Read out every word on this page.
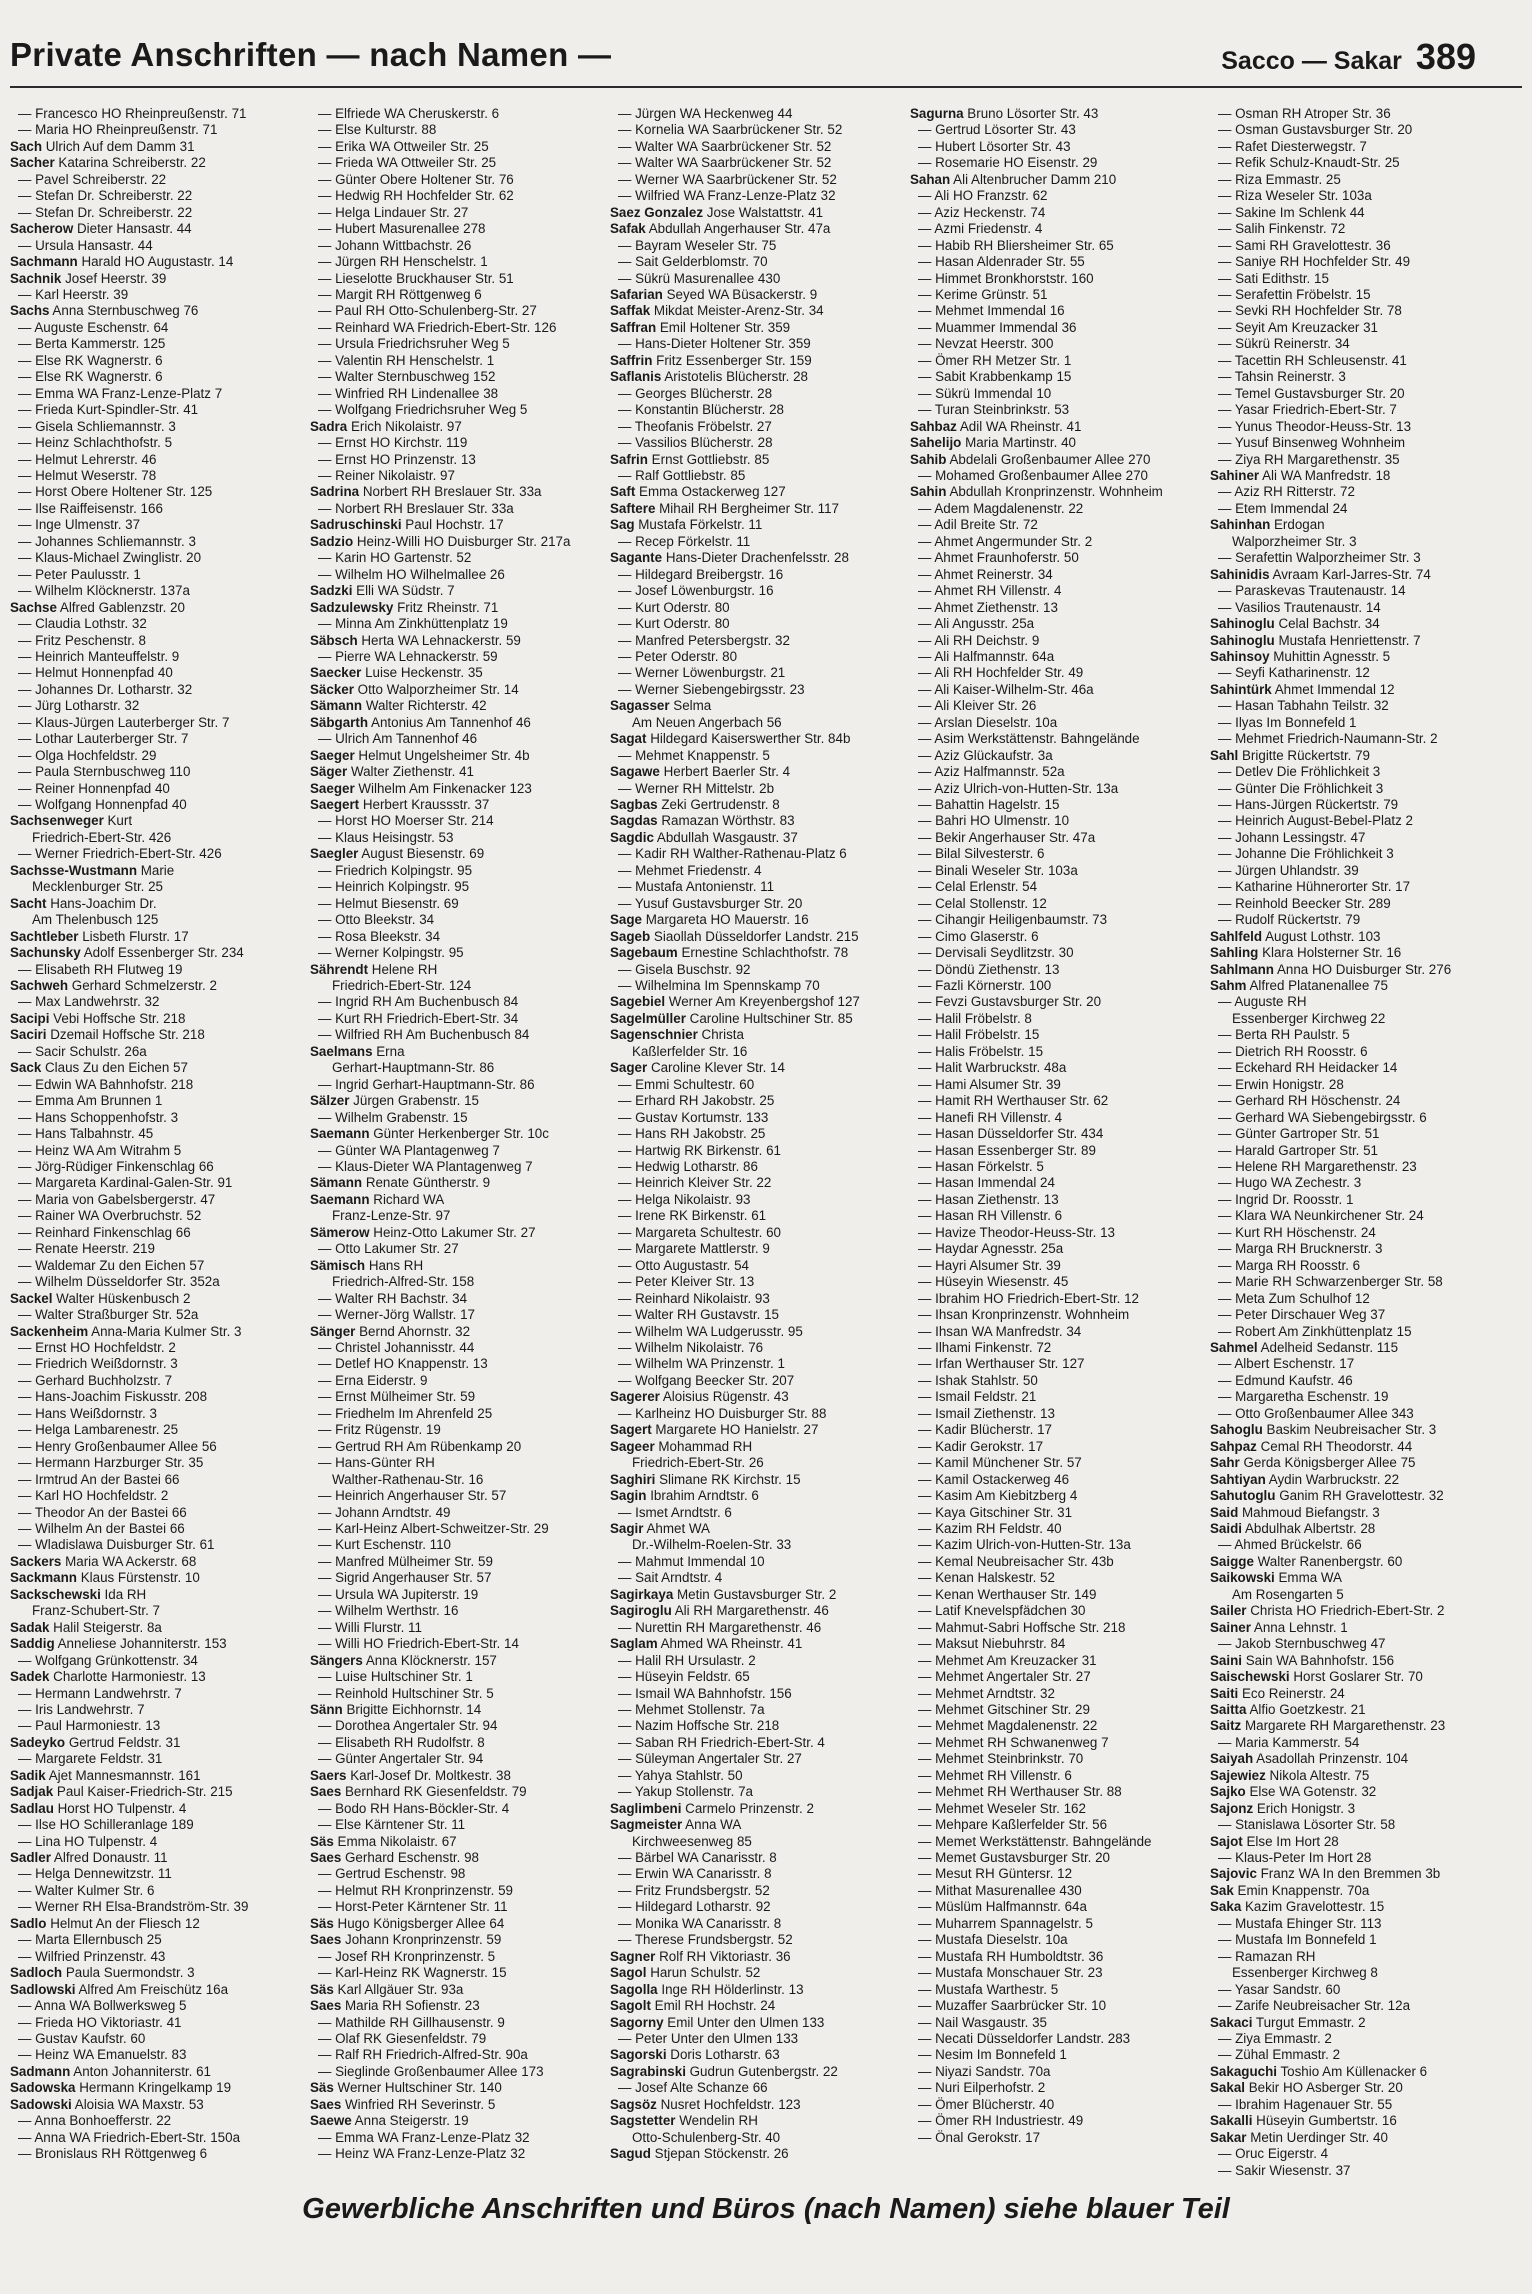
Private Anschriften — nach Namen —	Sacco — Sakar 389
— Francesco HO Rheinpreußenstr. 71
— Maria HO Rheinpreußenstr. 71
Sach Ulrich Auf dem Damm 31
Sacher Katarina Schreiberstr. 22
— Pavel Schreiberstr. 22
— Stefan Dr. Schreiberstr. 22
— Stefan Dr. Schreiberstr. 22
Sacherow Dieter Hansastr. 44
— Ursula Hansastr. 44
Sachmann Harald HO Augustastr. 14
Sachnik Josef Heerstr. 39
— Karl Heerstr. 39
Sachs Anna Sternbuschweg 76
— Auguste Eschenstr. 64
— Berta Kammerstr. 125
— Else RK Wagnerstr. 6
— Else RK Wagnerstr. 6
— Emma WA Franz-Lenze-Platz 7
— Frieda Kurt-Spindler-Str. 41
— Gisela Schliemannstr. 3
— Heinz Schlachthofstr. 5
— Helmut Lehrerstr. 46
— Helmut Weserstr. 78
— Horst Obere Holtener Str. 125
— Ilse Raiffeisenstr. 166
— Inge Ulmenstr. 37
— Johannes Schliemannstr. 3
— Klaus-Michael Zwinglistr. 20
— Peter Paulusstr. 1
— Wilhelm Klöcknerstr. 137a
Sachse Alfred Gablenzstr. 20
— Claudia Lothstr. 32
— Fritz Peschenstr. 8
— Heinrich Manteuffelstr. 9
— Helmut Honnenpfad 40
— Johannes Dr. Lotharstr. 32
— Jürg Lotharstr. 32
— Klaus-Jürgen Lauterberger Str. 7
— Lothar Lauterberger Str. 7
— Olga Hochfeldstr. 29
— Paula Sternbuschweg 110
— Reiner Honnenpfad 40
— Wolfgang Honnenpfad 40
Sachsenweger Kurt
Friedrich-Ebert-Str. 426
— Werner Friedrich-Ebert-Str. 426
Sachsse-Wustmann Marie
Mecklenburger Str. 25
Sacht Hans-Joachim Dr.
Am Thelenbusch 125
Sachtleber Lisbeth Flurstr. 17
Sachunsky Adolf Essenberger Str. 234
— Elisabeth RH Flutweg 19
Sachweh Gerhard Schmelzerstr. 2
— Max Landwehrstr. 32
Sacipi Vebi Hoffsche Str. 218
Saciri Dzemail Hoffsche Str. 218
— Sacir Schulstr. 26a
Sack Claus Zu den Eichen 57
— Edwin WA Bahnhofstr. 218
— Emma Am Brunnen 1
— Hans Schoppenhofstr. 3
— Hans Talbahnstr. 45
— Heinz WA Am Witrahm 5
— Jörg-Rüdiger Finkenschlag 66
— Margareta Kardinal-Galen-Str. 91
— Maria von Gabelsbergerstr. 47
— Rainer WA Overbruchstr. 52
— Reinhard Finkenschlag 66
— Renate Heerstr. 219
— Waldemar Zu den Eichen 57
— Wilhelm Düsseldorfer Str. 352a
Sackel Walter Hüskenbusch 2
— Walter Straßburger Str. 52a
Sackenheim Anna-Maria Kulmer Str. 3
— Ernst HO Hochfeldstr. 2
— Friedrich Weißdornstr. 3
— Gerhard Buchholzstr. 7
— Hans-Joachim Fiskusstr. 208
— Hans Weißdornstr. 3
— Helga Lambarenestr. 25
— Henry Großenbaumer Allee 56
— Hermann Harzburger Str. 35
— Irmtrud An der Bastei 66
— Karl HO Hochfeldstr. 2
— Theodor An der Bastei 66
— Wilhelm An der Bastei 66
— Wladislawa Duisburger Str. 61
Sackers Maria WA Ackerstr. 68
Sackmann Klaus Fürstenstr. 10
Sackschewski Ida RH
Franz-Schubert-Str. 7
Sadak Halil Steigerstr. 8a
Saddig Anneliese Johanniterstr. 153
— Wolfgang Grünkottenstr. 34
Sadek Charlotte Harmoniestr. 13
— Hermann Landwehrstr. 7
— Iris Landwehrstr. 7
— Paul Harmoniestr. 13
Sadeyko Gertrud Feldstr. 31
— Margarete Feldstr. 31
Sadik Ajet Mannesmannstr. 161
Sadjak Paul Kaiser-Friedrich-Str. 215
Sadlau Horst HO Tulpenstr. 4
— Ilse HO Schilleranlage 189
— Lina HO Tulpenstr. 4
Sadler Alfred Donaustr. 11
— Helga Dennewitzstr. 11
— Walter Kulmer Str. 6
— Werner RH Elsa-Brandström-Str. 39
Sadlo Helmut An der Fliesch 12
— Marta Ellernbusch 25
— Wilfried Prinzenstr. 43
Sadloch Paula Suermondstr. 3
Sadlowski Alfred Am Freischütz 16a
— Anna WA Bollwerksweg 5
— Frieda HO Viktoriastr. 41
— Gustav Kaufstr. 60
— Heinz WA Emanuelstr. 83
Sadmann Anton Johanniterstr. 61
Sadowska Hermann Kringelkamp 19
Sadowski Aloisia WA Maxstr. 53
— Anna Bonhoefferstr. 22
— Anna WA Friedrich-Ebert-Str. 150a
— Bronislaus RH Röttgenweg 6
— Elfriede WA Cheruskerstr. 6
— Else Kulturstr. 88
— Erika WA Ottweiler Str. 25
— Frieda WA Ottweiler Str. 25
— Günter Obere Holtener Str. 76
— Hedwig RH Hochfelder Str. 62
— Helga Lindauer Str. 27
— Hubert Masurenallee 278
— Johann Wittbachstr. 26
— Jürgen RH Henschelstr. 1
— Lieselotte Bruckhauser Str. 51
— Margit RH Röttgenweg 6
— Paul RH Otto-Schulenberg-Str. 27
— Reinhard WA Friedrich-Ebert-Str. 126
— Ursula Friedrichsruher Weg 5
— Valentin RH Henschelstr. 1
— Walter Sternbuschweg 152
— Winfried RH Lindenallee 38
— Wolfgang Friedrichsruher Weg 5
Sadra Erich Nikolaistr. 97
— Ernst HO Kirchstr. 119
— Ernst HO Prinzenstr. 13
— Reiner Nikolaistr. 97
Sadrina Norbert RH Breslauer Str. 33a
— Norbert RH Breslauer Str. 33a
Sadruschinski Paul Hochstr. 17
Sadzio Heinz-Willi HO Duisburger Str. 217a
— Karin HO Gartenstr. 52
— Wilhelm HO Wilhelmallee 26
Sadzki Elli WA Südstr. 7
Sadzulewsky Fritz Rheinstr. 71
— Minna Am Zinkhüttenplatz 19
Säbsch Herta WA Lehnackerstr. 59
— Pierre WA Lehnackerstr. 59
Saecker Luise Heckenstr. 35
Säcker Otto Walporzheimer Str. 14
Sämann Walter Richterstr. 42
Säbgarth Antonius Am Tannenhof 46
— Ulrich Am Tannenhof 46
Saeger Helmut Ungelsheimer Str. 4b
Säger Walter Ziethenstr. 41
Saeger Wilhelm Am Finkenacker 123
Saegert Herbert Kraussstr. 37
— Horst HO Moerser Str. 214
— Klaus Heisingstr. 53
Saegler August Biesenstr. 69
— Friedrich Kolpingstr. 95
— Heinrich Kolpingstr. 95
— Helmut Biesenstr. 69
— Otto Bleekstr. 34
— Rosa Bleekstr. 34
— Werner Kolpingstr. 95
Sährendt Helene RH
Friedrich-Ebert-Str. 124
— Ingrid RH Am Buchenbusch 84
— Kurt RH Friedrich-Ebert-Str. 34
— Wilfried RH Am Buchenbusch 84
Saelmans Erna
Gerhart-Hauptmann-Str. 86
— Ingrid Gerhart-Hauptmann-Str. 86
Sälzer Jürgen Grabenstr. 15
— Wilhelm Grabenstr. 15
Saemann Günter Herkenberger Str. 10c
— Günter WA Plantagenweg 7
— Klaus-Dieter WA Plantagenweg 7
Sämann Renate Güntherstr. 9
Saemann Richard WA
Franz-Lenze-Str. 97
Sämerow Heinz-Otto Lakumer Str. 27
— Otto Lakumer Str. 27
Sämisch Hans RH
Friedrich-Alfred-Str. 158
— Walter RH Bachstr. 34
— Werner-Jörg Wallstr. 17
Sänger Bernd Ahornstr. 32
— Christel Johannisstr. 44
— Detlef HO Knappenstr. 13
— Erna Eiderstr. 9
— Ernst Mülheimer Str. 59
— Friedhelm Im Ahrenfeld 25
— Fritz Rügenstr. 19
— Gertrud RH Am Rübenkamp 20
— Hans-Günter RH
Walther-Rathenau-Str. 16
— Heinrich Angerhauser Str. 57
— Johann Arndtstr. 49
— Karl-Heinz Albert-Schweitzer-Str. 29
— Kurt Eschenstr. 110
— Manfred Mülheimer Str. 59
— Sigrid Angerhauser Str. 57
— Ursula WA Jupiterstr. 19
— Wilhelm Werthstr. 16
— Willi Flurstr. 11
— Willi HO Friedrich-Ebert-Str. 14
Sängers Anna Klöcknerstr. 157
— Luise Hultschiner Str. 1
— Reinhold Hultschiner Str. 5
Sänn Brigitte Eichhornstr. 14
— Dorothea Angertaler Str. 94
— Elisabeth RH Rudolfstr. 8
— Günter Angertaler Str. 94
Saers Karl-Josef Dr. Moltkestr. 38
Saes Bernhard RK Giesenfeldstr. 79
— Bodo RH Hans-Böckler-Str. 4
— Else Kärntener Str. 11
Säs Emma Nikolaistr. 67
Saes Gerhard Eschenstr. 98
— Gertrud Eschenstr. 98
— Helmut RH Kronprinzenstr. 59
— Horst-Peter Kärntener Str. 11
Säs Hugo Königsberger Allee 64
Saes Johann Kronprinzenstr. 59
— Josef RH Kronprinzenstr. 5
— Karl-Heinz RK Wagnerstr. 15
Säs Karl Allgäuer Str. 93a
Saes Maria RH Sofienstr. 23
— Mathilde RH Gillhausenstr. 9
— Olaf RK Giesenfeldstr. 79
— Ralf RH Friedrich-Alfred-Str. 90a
— Sieglinde Großenbaumer Allee 173
Säs Werner Hultschiner Str. 140
Saes Winfried RH Severinstr. 5
Saewe Anna Steigerstr. 19
— Emma WA Franz-Lenze-Platz 32
— Heinz WA Franz-Lenze-Platz 32
— Jürgen WA Heckenweg 44
— Kornelia WA Saarbrückener Str. 52
— Walter WA Saarbrückener Str. 52
— Walter WA Saarbrückener Str. 52
— Werner WA Saarbrückener Str. 52
— Wilfried WA Franz-Lenze-Platz 32
Saez Gonzalez Jose Walstattstr. 41
Safak Abdullah Angerhauser Str. 47a
— Bayram Weseler Str. 75
— Sait Gelderblomstr. 70
— Sükrü Masurenallee 430
Safarian Seyed WA Büsackerstr. 9
Saffak Mikdat Meister-Arenz-Str. 34
Saffran Emil Holtener Str. 359
— Hans-Dieter Holtener Str. 359
Saffrin Fritz Essenberger Str. 159
Saflanis Aristotelis Blücherstr. 28
— Georges Blücherstr. 28
— Konstantin Blücherstr. 28
— Theofanis Fröbelstr. 27
— Vassilios Blücherstr. 28
Safrin Ernst Gottliebstr. 85
— Ralf Gottliebstr. 85
Saft Emma Ostackerweg 127
Saftere Mihail RH Bergheimer Str. 117
Sag Mustafa Förkelstr. 11
— Recep Förkelstr. 11
Sagante Hans-Dieter Drachenfelsstr. 28
— Hildegard Breibergstr. 16
— Josef Löwenburgstr. 16
— Kurt Oderstr. 80
— Kurt Oderstr. 80
— Manfred Petersbergstr. 32
— Peter Oderstr. 80
— Werner Löwenburgstr. 21
— Werner Siebengebirgsstr. 23
Sagasser Selma
Am Neuen Angerbach 56
Sagat Hildegard Kaiserswerther Str. 84b
— Mehmet Knappenstr. 5
Sagawe Herbert Baerler Str. 4
— Werner RH Mittelstr. 2b
Sagbas Zeki Gertrudenstr. 8
Sagdas Ramazan Wörthstr. 83
Sagdic Abdullah Wasgaustr. 37
— Kadir RH Walther-Rathenau-Platz 6
— Mehmet Friedenstr. 4
— Mustafa Antonienstr. 11
— Yusuf Gustavsburger Str. 20
Sage Margareta HO Mauerstr. 16
Sageb Siaollah Düsseldorfer Landstr. 215
Sagebaum Ernestine Schlachthofstr. 78
— Gisela Buschstr. 92
— Wilhelmina Im Spennskamp 70
Sagebiel Werner Am Kreyenbergshof 127
Sagelmüller Caroline Hultschiner Str. 85
Sagenschnier Christa
Kaßlerfelder Str. 16
Sager Caroline Klever Str. 14
— Emmi Schultestr. 60
— Erhard RH Jakobstr. 25
— Gustav Kortumstr. 133
— Hans RH Jakobstr. 25
— Hartwig RK Birkenstr. 61
— Hedwig Lotharstr. 86
— Heinrich Kleiver Str. 22
— Helga Nikolaistr. 93
— Irene RK Birkenstr. 61
— Margareta Schultestr. 60
— Margarete Mattlerstr. 9
— Otto Augustastr. 54
— Peter Kleiver Str. 13
— Reinhard Nikolaistr. 93
— Walter RH Gustavstr. 15
— Wilhelm WA Ludgerusstr. 95
— Wilhelm Nikolaistr. 76
— Wilhelm WA Prinzenstr. 1
— Wolfgang Beecker Str. 207
Sagerer Aloisius Rügenstr. 43
— Karlheinz HO Duisburger Str. 88
Sagert Margarete HO Hanielstr. 27
Sageer Mohammad RH
Friedrich-Ebert-Str. 26
Saghiri Slimane RK Kirchstr. 15
Sagin Ibrahim Arndtstr. 6
— Ismet Arndtstr. 6
Sagir Ahmet WA
Dr.-Wilhelm-Roelen-Str. 33
— Mahmut Immendal 10
— Sait Arndtstr. 4
Sagirkaya Metin Gustavsburger Str. 2
Sagiroglu Ali RH Margarethenstr. 46
— Nurettin RH Margarethenstr. 46
Saglam Ahmed WA Rheinstr. 41
— Halil RH Ursulastr. 2
— Hüseyin Feldstr. 65
— Ismail WA Bahnhofstr. 156
— Mehmet Stollenstr. 7a
— Nazim Hoffsche Str. 218
— Saban RH Friedrich-Ebert-Str. 4
— Süleyman Angertaler Str. 27
— Yahya Stahlstr. 50
— Yakup Stollenstr. 7a
Saglimbeni Carmelo Prinzenstr. 2
Sagmeister Anna WA
Kirchweesenweg 85
— Bärbel WA Canarisstr. 8
— Erwin WA Canarisstr. 8
— Fritz Frundsbergstr. 52
— Hildegard Lotharstr. 92
— Monika WA Canarisstr. 8
— Therese Frundsbergstr. 52
Sagner Rolf RH Viktoriastr. 36
Sagol Harun Schulstr. 52
Sagolla Inge RH Hölderlinstr. 13
Sagolt Emil RH Hochstr. 24
Sagorny Emil Unter den Ulmen 133
— Peter Unter den Ulmen 133
Sagorski Doris Lotharstr. 63
Sagrabinski Gudrun Gutenbergstr. 22
— Josef Alte Schanze 66
Sagsöz Nusret Hochfeldstr. 123
Sagstetter Wendelin RH
Otto-Schulenberg-Str. 40
Sagud Stjepan Stöckenstr. 26
Sagurna Bruno Lösorter Str. 43
— Gertrud Lösorter Str. 43
— Hubert Lösorter Str. 43
— Rosemarie HO Eisenstr. 29
Sahan Ali Altenbrucher Damm 210
— Ali HO Franzstr. 62
— Aziz Heckenstr. 74
— Azmi Friedenstr. 4
— Habib RH Bliersheimer Str. 65
— Hasan Aldenrader Str. 55
— Himmet Bronkhorststr. 160
— Kerime Grünstr. 51
— Mehmet Immendal 16
— Muammer Immendal 36
— Nevzat Heerstr. 300
— Ömer RH Metzer Str. 1
— Sabit Krabbenkamp 15
— Sükrü Immendal 10
— Turan Steinbrinkstr. 53
Sahbaz Adil WA Rheinstr. 41
Sahelijo Maria Martinstr. 40
Sahib Abdelali Großenbaumer Allee 270
— Mohamed Großenbaumer Allee 270
Sahin Abdullah Kronprinzenstr. Wohnheim
— Adem Magdalenenstr. 22
— Adil Breite Str. 72
— Ahmet Angermunder Str. 2
— Ahmet Fraunhoferstr. 50
— Ahmet Reinerstr. 34
— Ahmet RH Villenstr. 4
— Ahmet Ziethenstr. 13
— Ali Angusstr. 25a
— Ali RH Deichstr. 9
— Ali Halfmannstr. 64a
— Ali RH Hochfelder Str. 49
— Ali Kaiser-Wilhelm-Str. 46a
— Ali Kleiver Str. 26
— Arslan Dieselstr. 10a
— Asim Werkstättenstr. Bahngelände
— Aziz Glückaufstr. 3a
— Aziz Halfmannstr. 52a
— Aziz Ulrich-von-Hutten-Str. 13a
— Bahattin Hagelstr. 15
— Bahri HO Ulmenstr. 10
— Bekir Angerhauser Str. 47a
— Bilal Silvesterstr. 6
— Binali Weseler Str. 103a
— Celal Erlenstr. 54
— Celal Stollenstr. 12
— Cihangir Heiligenbaumstr. 73
— Cimo Glaserstr. 6
— Dervisali Seydlitzstr. 30
— Döndü Ziethenstr. 13
— Fazli Körnerstr. 100
— Fevzi Gustavsburger Str. 20
— Halil Fröbelstr. 8
— Halil Fröbelstr. 15
— Halis Fröbelstr. 15
— Halit Warbruckstr. 48a
— Hami Alsumer Str. 39
— Hamit RH Werthauser Str. 62
— Hanefi RH Villenstr. 4
— Hasan Düsseldorfer Str. 434
— Hasan Essenberger Str. 89
— Hasan Förkelstr. 5
— Hasan Immendal 24
— Hasan Ziethenstr. 13
— Hasan RH Villenstr. 6
— Havize Theodor-Heuss-Str. 13
— Haydar Agnesstr. 25a
— Hayri Alsumer Str. 39
— Hüseyin Wiesenstr. 45
— Ibrahim HO Friedrich-Ebert-Str. 12
— Ihsan Kronprinzenstr. Wohnheim
— Ihsan WA Manfredstr. 34
— Ilhami Finkenstr. 72
— Irfan Werthauser Str. 127
— Ishak Stahlstr. 50
— Ismail Feldstr. 21
— Ismail Ziethenstr. 13
— Kadir Blücherstr. 17
— Kadir Gerokstr. 17
— Kamil Münchener Str. 57
— Kamil Ostackerweg 46
— Kasim Am Kiebitzberg 4
— Kaya Gitschiner Str. 31
— Kazim RH Feldstr. 40
— Kazim Ulrich-von-Hutten-Str. 13a
— Kemal Neubreisacher Str. 43b
— Kenan Halskestr. 52
— Kenan Werthauser Str. 149
— Latif Knevelspfädchen 30
— Mahmut-Sabri Hoffsche Str. 218
— Maksut Niebuhrstr. 84
— Mehmet Am Kreuzacker 31
— Mehmet Angertaler Str. 27
— Mehmet Arndtstr. 32
— Mehmet Gitschiner Str. 29
— Mehmet Magdalenenstr. 22
— Mehmet RH Schwanenweg 7
— Mehmet Steinbrinkstr. 70
— Mehmet RH Villenstr. 6
— Mehmet RH Werthauser Str. 88
— Mehmet Weseler Str. 162
— Mehpare Kaßlerfelder Str. 56
— Memet Werkstättenstr. Bahngelände
— Memet Gustavsburger Str. 20
— Mesut RH Güntersr. 12
— Mithat Masurenallee 430
— Müslüm Halfmannstr. 64a
— Muharrem Spannagelstr. 5
— Mustafa Dieselstr. 10a
— Mustafa RH Humboldtstr. 36
— Mustafa Monschauer Str. 23
— Mustafa Warthestr. 5
— Muzaffer Saarbrücker Str. 10
— Nail Wasgaustr. 35
— Necati Düsseldorfer Landstr. 283
— Nesim Im Bonnefeld 1
— Niyazi Sandstr. 70a
— Nuri Eilperhofstr. 2
— Ömer Blücherstr. 40
— Ömer RH Industriestr. 49
— Önal Gerokstr. 17
— Osman RH Atroper Str. 36
— Osman Gustavsburger Str. 20
— Rafet Diesterwegstr. 7
— Refik Schulz-Knaudt-Str. 25
— Riza Emmastr. 25
— Riza Weseler Str. 103a
— Sakine Im Schlenk 44
— Salih Finkenstr. 72
— Sami RH Gravelottestr. 36
— Saniye RH Hochfelder Str. 49
— Sati Edithstr. 15
— Serafettin Fröbelstr. 15
— Sevki RH Hochfelder Str. 78
— Seyit Am Kreuzacker 31
— Sükrü Reinerstr. 34
— Tacettin RH Schleusenstr. 41
— Tahsin Reinerstr. 3
— Temel Gustavsburger Str. 20
— Yasar Friedrich-Ebert-Str. 7
— Yunus Theodor-Heuss-Str. 13
— Yusuf Binsenweg Wohnheim
— Ziya RH Margarethenstr. 35
Sahiner Ali WA Manfredstr. 18
— Aziz RH Ritterstr. 72
— Etem Immendal 24
Sahinhan Erdogan
Walporzheimer Str. 3
— Serafettin Walporzheimer Str. 3
Sahinidis Avraam Karl-Jarres-Str. 74
— Paraskevas Trautenaustr. 14
— Vasilios Trautenaustr. 14
Sahinoglu Celal Bachstr. 34
Sahinoglu Mustafa Henriettenstr. 7
Sahinsoy Muhittin Agnesstr. 5
— Seyfi Katharinenstr. 12
Sahintürk Ahmet Immendal 12
— Hasan Tabhahn Teilstr. 32
— Ilyas Im Bonnefeld 1
— Mehmet Friedrich-Naumann-Str. 2
Sahl Brigitte Rückertstr. 79
— Detlev Die Fröhlichkeit 3
— Günter Die Fröhlichkeit 3
— Hans-Jürgen Rückertstr. 79
— Heinrich August-Bebel-Platz 2
— Johann Lessingstr. 47
— Johanne Die Fröhlichkeit 3
— Jürgen Uhlandstr. 39
— Katharine Hühnerorter Str. 17
— Reinhold Beecker Str. 289
— Rudolf Rückertstr. 79
Sahlfeld August Lothstr. 103
Sahling Klara Holsterner Str. 16
Sahlmann Anna HO Duisburger Str. 276
Sahm Alfred Platanenallee 75
— Auguste RH
Essenberger Kirchweg 22
— Berta RH Paulstr. 5
— Dietrich RH Roosstr. 6
— Eckehard RH Heidacker 14
— Erwin Honigstr. 28
— Gerhard RH Höschenstr. 24
— Gerhard WA Siebengebirgsstr. 6
— Günter Gartroper Str. 51
— Harald Gartroper Str. 51
— Helene RH Margarethenstr. 23
— Hugo WA Zechestr. 3
— Ingrid Dr. Roosstr. 1
— Klara WA Neunkirchener Str. 24
— Kurt RH Höschenstr. 24
— Marga RH Brucknerstr. 3
— Marga RH Roosstr. 6
— Marie RH Schwarzenberger Str. 58
— Meta Zum Schulhof 12
— Peter Dirschauer Weg 37
— Robert Am Zinkhüttenplatz 15
Sahmel Adelheid Sedanstr. 115
— Albert Eschenstr. 17
— Edmund Kaufstr. 46
— Margaretha Eschenstr. 19
— Otto Großenbaumer Allee 343
Sahoglu Baskim Neubreisacher Str. 3
Sahpaz Cemal RH Theodorstr. 44
Sahr Gerda Königsberger Allee 75
Sahtiyan Aydin Warbruckstr. 22
Sahutoglu Ganim RH Gravelottestr. 32
Said Mahmoud Biefangstr. 3
Saidi Abdulhak Albertstr. 28
— Ahmed Brückelstr. 66
Saigge Walter Ranenbergstr. 60
Saikowski Emma WA
Am Rosengarten 5
Sailer Christa HO Friedrich-Ebert-Str. 2
Sainer Anna Lehnstr. 1
— Jakob Sternbuschweg 47
Saini Sain WA Bahnhofstr. 156
Saischewski Horst Goslarer Str. 70
Saiti Eco Reinerstr. 24
Saitta Alfio Goetzkestr. 21
Saitz Margarete RH Margarethenstr. 23
— Maria Kammerstr. 54
Saiyah Asadollah Prinzenstr. 104
Sajewiez Nikola Altestr. 75
Sajko Else WA Gotenstr. 32
Sajonz Erich Honigstr. 3
— Stanislawa Lösorter Str. 58
Sajot Else Im Hort 28
— Klaus-Peter Im Hort 28
Sajovic Franz WA In den Bremmen 3b
Sak Emin Knappenstr. 70a
Saka Kazim Gravelottestr. 15
— Mustafa Ehinger Str. 113
— Mustafa Im Bonnefeld 1
— Ramazan RH
Essenberger Kirchweg 8
— Yasar Sandstr. 60
— Zarife Neubreisacher Str. 12a
Sakaci Turgut Emmastr. 2
— Ziya Emmastr. 2
— Zühal Emmastr. 2
Sakaguchi Toshio Am Küllenacker 6
Sakal Bekir HO Asberger Str. 20
— Ibrahim Hagenauer Str. 55
Sakalli Hüseyin Gumbertstr. 16
Sakar Metin Uerdinger Str. 40
— Oruc Eigerstr. 4
— Sakir Wiesenstr. 37
Gewerbliche Anschriften und Büros (nach Namen) siehe blauer Teil
